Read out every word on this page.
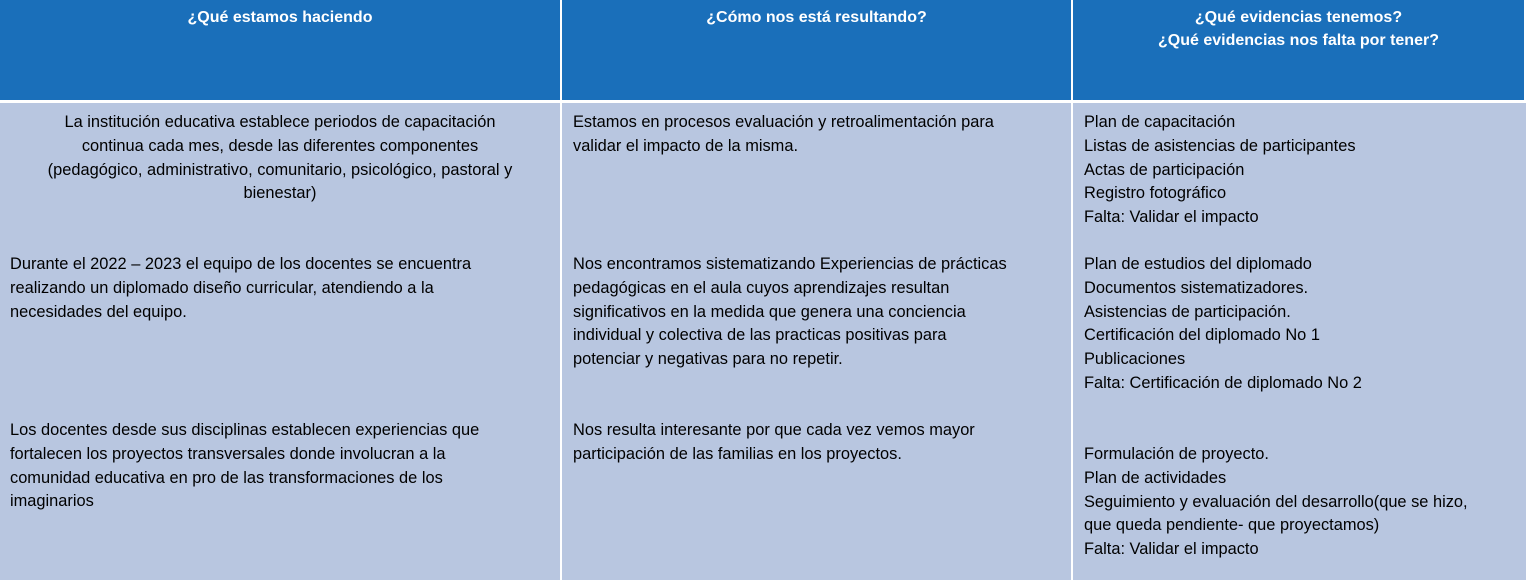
¿Qué estamos haciendo	¿Cómo nos está resultando?	¿Qué evidencias tenemos?
¿Qué evidencias nos falta por tener?
La institución educativa establece periodos de capacitación
continua cada mes, desde las diferentes componentes
(pedagógico, administrativo, comunitario, psicológico, pastoral y
bienestar)
Durante el 2022 – 2023 el equipo de los docentes se encuentra
realizando un diplomado diseño curricular, atendiendo a la
necesidades del equipo.
Los docentes desde sus disciplinas establecen experiencias que
fortalecen los proyectos transversales donde involucran a la
comunidad educativa en pro de las transformaciones de los
imaginarios
Estamos en procesos evaluación y retroalimentación para
validar el impacto de la misma.
Nos encontramos sistematizando Experiencias de prácticas
pedagógicas en el aula cuyos aprendizajes resultan
significativos en la medida que genera una conciencia
individual y colectiva de las practicas positivas para
potenciar y negativas para no repetir.
Nos resulta interesante por que cada vez vemos mayor
participación de las familias en los proyectos.
Plan de capacitación
Listas de asistencias de participantes
Actas de participación
Registro fotográfico
Falta: Validar el impacto
Plan de estudios del diplomado
Documentos sistematizadores.
Asistencias de participación.
Certificación del diplomado No 1
Publicaciones
Falta: Certificación de diplomado No 2
Formulación de proyecto.
Plan de actividades
Seguimiento y evaluación del desarrollo(que se hizo,
que queda pendiente- que proyectamos)
Falta: Validar el impacto
